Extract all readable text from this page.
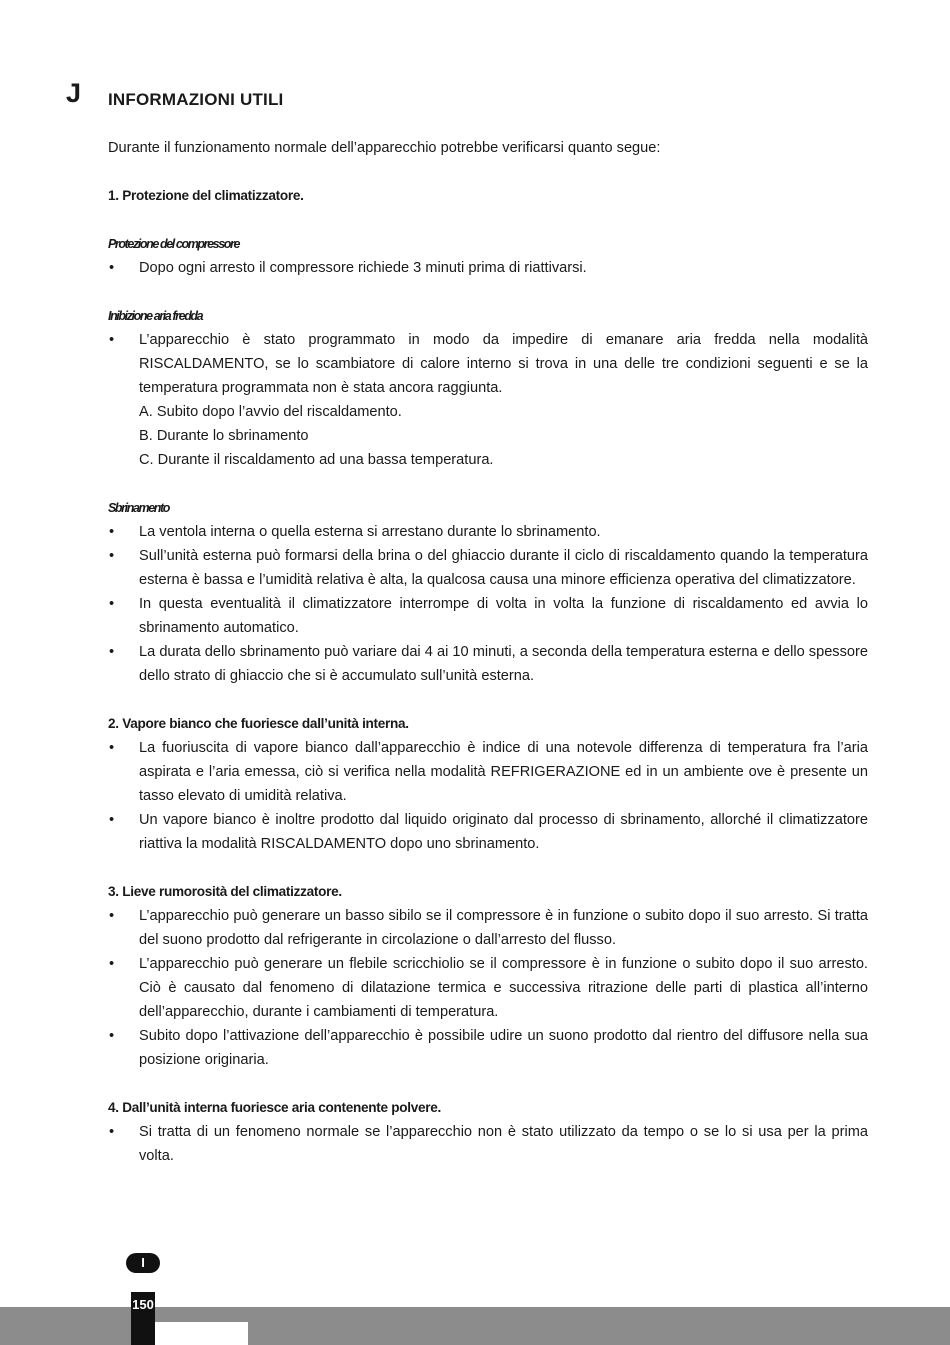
J INFORMAZIONI UTILI

Durante il funzionamento normale dell’apparecchio potrebbe verificarsi quanto segue:

1. Protezione del climatizzatore.
Protezione del compressore
• Dopo ogni arresto il compressore richiede 3 minuti prima di riattivarsi.
Inibizione aria fredda
• L’apparecchio è stato programmato in modo da impedire di emanare aria fredda nella modalità RISCALDAMENTO, se lo scambiatore di calore interno si trova in una delle tre condizioni seguenti e se la temperatura programmata non è stata ancora raggiunta.
A. Subito dopo l’avvio del riscaldamento.
B. Durante lo sbrinamento
C. Durante il riscaldamento ad una bassa temperatura.
Sbrinamento
• La ventola interna o quella esterna si arrestano durante lo sbrinamento.
• Sull’unità esterna può formarsi della brina o del ghiaccio durante il ciclo di riscaldamento quando la temperatura esterna è bassa e l’umidità relativa è alta, la qualcosa causa una minore efficienza operativa del climatizzatore.
• In questa eventualità il climatizzatore interrompe di volta in volta la funzione di riscaldamento ed avvia lo sbrinamento automatico.
• La durata dello sbrinamento può variare dai 4 ai 10 minuti, a seconda della temperatura esterna e dello spessore dello strato di ghiaccio che si è accumulato sull’unità esterna.
2. Vapore bianco che fuoriesce dall’unità interna.
• La fuoriuscita di vapore bianco dall’apparecchio è indice di una notevole differenza di temperatura fra l’aria aspirata e l’aria emessa, ciò si verifica nella modalità REFRIGERAZIONE ed in un ambiente ove è presente un tasso elevato di umidità relativa.
• Un vapore bianco è inoltre prodotto dal liquido originato dal processo di sbrinamento, allorché il climatizzatore riattiva la modalità RISCALDAMENTO dopo uno sbrinamento.
3. Lieve rumorosità del climatizzatore.
• L’apparecchio può generare un basso sibilo se il compressore è in funzione o subito dopo il suo arresto. Si tratta del suono prodotto dal refrigerante in circolazione o dall’arresto del flusso.
• L’apparecchio può generare un flebile scricchiolio se il compressore è in funzione o subito dopo il suo arresto. Ciò è causato dal fenomeno di dilatazione termica e successiva ritrazione delle parti di plastica all’interno dell’apparecchio, durante i cambiamenti di temperatura.
• Subito dopo l’attivazione dell’apparecchio è possibile udire un suono prodotto dal rientro del diffusore nella sua posizione originaria.
4. Dall’unità interna fuoriesce aria contenente polvere.
• Si tratta di un fenomeno normale se l’apparecchio non è stato utilizzato da tempo o se lo si usa per la prima volta.
I
150
